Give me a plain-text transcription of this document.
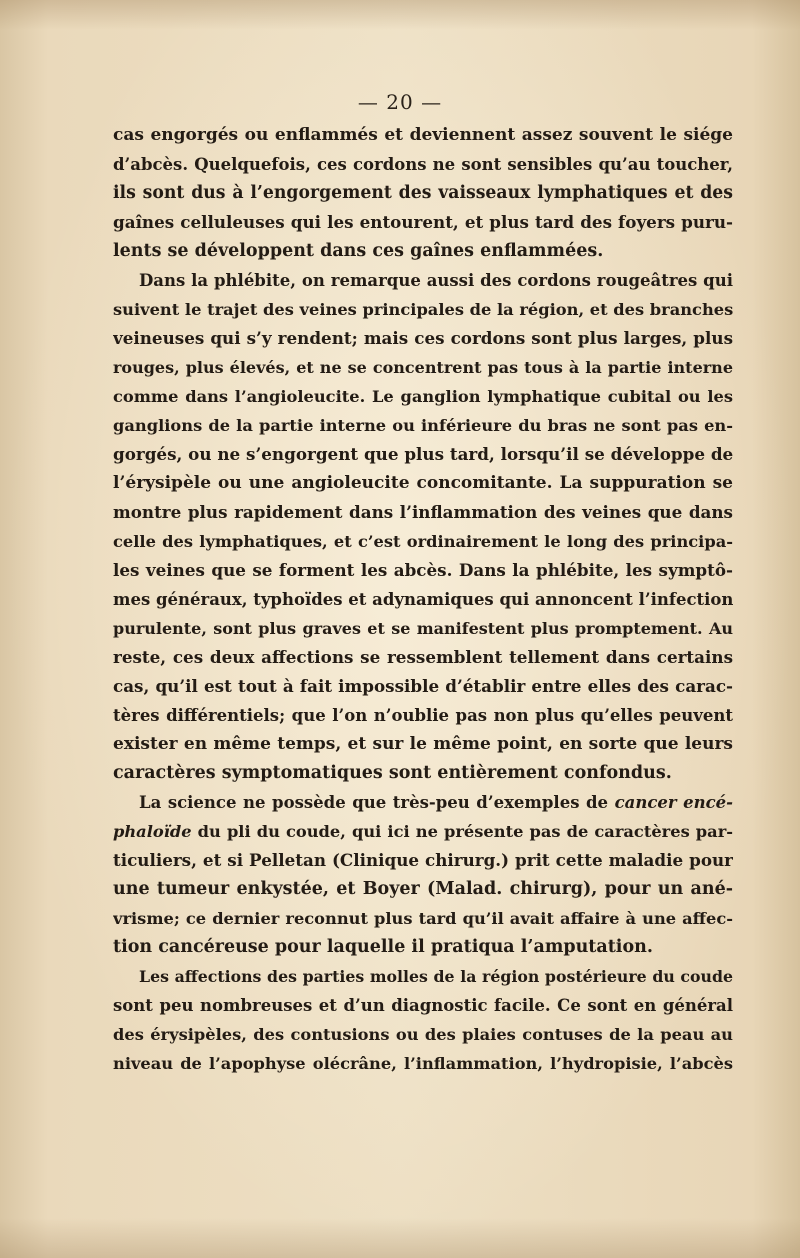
— 20 —
cas engorgés ou enflammés et deviennent assez souvent le siége
d’abcès. Quelquefois, ces cordons ne sont sensibles qu’au toucher,
ils sont dus à l’engorgement des vaisseaux lymphatiques et des
gaînes celluleuses qui les entourent, et plus tard des foyers puru-
lents se développent dans ces gaînes enflammées.
Dans la phlébite, on remarque aussi des cordons rougeâtres qui
suivent le trajet des veines principales de la région, et des branches
veineuses qui s’y rendent; mais ces cordons sont plus larges, plus
rouges, plus élevés, et ne se concentrent pas tous à la partie interne
comme dans l’angioleucite. Le ganglion lymphatique cubital ou les
ganglions de la partie interne ou inférieure du bras ne sont pas en-
gorgés, ou ne s’engorgent que plus tard, lorsqu’il se développe de
l’érysipèle ou une angioleucite concomitante. La suppuration se
montre plus rapidement dans l’inflammation des veines que dans
celle des lymphatiques, et c’est ordinairement le long des principa-
les veines que se forment les abcès. Dans la phlébite, les symptô-
mes généraux, typhoïdes et adynamiques qui annoncent l’infection
purulente, sont plus graves et se manifestent plus promptement. Au
reste, ces deux affections se ressemblent tellement dans certains
cas, qu’il est tout à fait impossible d’établir entre elles des carac-
tères différentiels; que l’on n’oublie pas non plus qu’elles peuvent
exister en même temps, et sur le même point, en sorte que leurs
caractères symptomatiques sont entièrement confondus.
La science ne possède que très-peu d’exemples de cancer encé-
phaloïde du pli du coude, qui ici ne présente pas de caractères par-
ticuliers, et si Pelletan (Clinique chirurg.) prit cette maladie pour
une tumeur enkystée, et Boyer (Malad. chirurg), pour un ané-
vrisme; ce dernier reconnut plus tard qu’il avait affaire à une affec-
tion cancéreuse pour laquelle il pratiqua l’amputation.
Les affections des parties molles de la région postérieure du coude
sont peu nombreuses et d’un diagnostic facile. Ce sont en général
des érysipèles, des contusions ou des plaies contuses de la peau au
niveau de l’apophyse olécrâne, l’inflammation, l’hydropisie, l’abcès
